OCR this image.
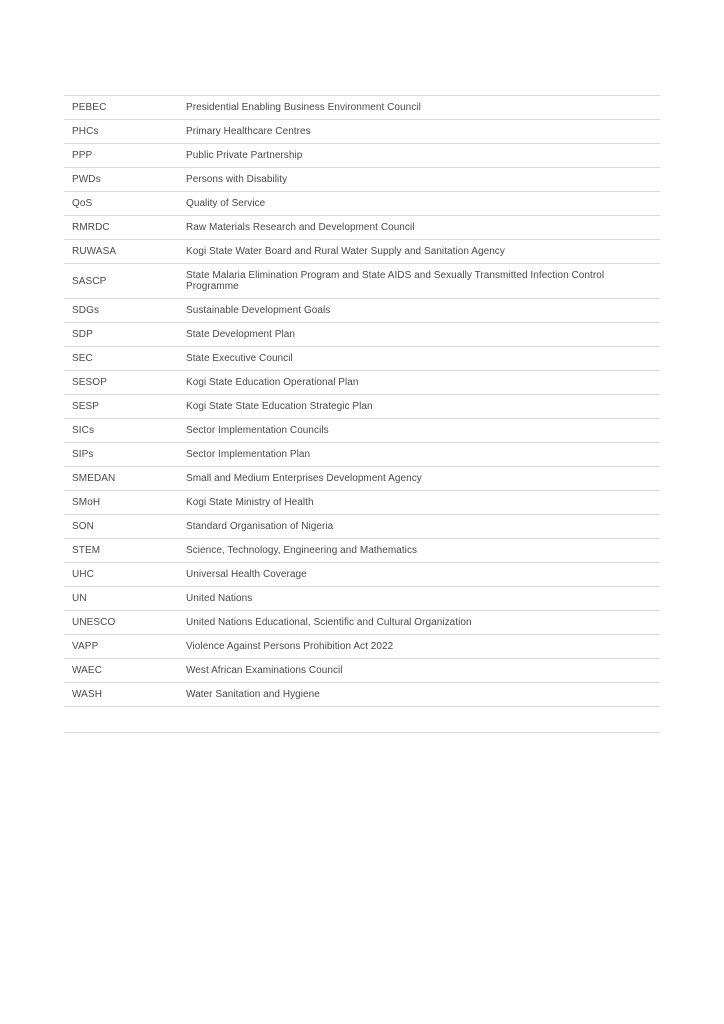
PEBEC	Presidential Enabling Business Environment Council
PHCs	Primary Healthcare Centres
PPP	Public Private Partnership
PWDs	Persons with Disability
QoS	Quality of Service
RMRDC	Raw Materials Research and Development Council
RUWASA	Kogi State Water Board and Rural Water Supply and Sanitation Agency
SASCP	State Malaria Elimination Program and State AIDS and Sexually Transmitted Infection Control Programme
SDGs	Sustainable Development Goals
SDP	State Development Plan
SEC	State Executive Council
SESOP	Kogi State Education Operational Plan
SESP	Kogi State State Education Strategic Plan
SICs	Sector Implementation Councils
SIPs	Sector Implementation Plan
SMEDAN	Small and Medium Enterprises Development Agency
SMoH	Kogi State Ministry of Health
SON	Standard Organisation of Nigeria
STEM	Science, Technology, Engineering and Mathematics
UHC	Universal Health Coverage
UN	United Nations
UNESCO	United Nations Educational, Scientific and Cultural Organization
VAPP	Violence Against Persons Prohibition Act 2022
WAEC	West African Examinations Council
WASH	Water Sanitation and Hygiene
